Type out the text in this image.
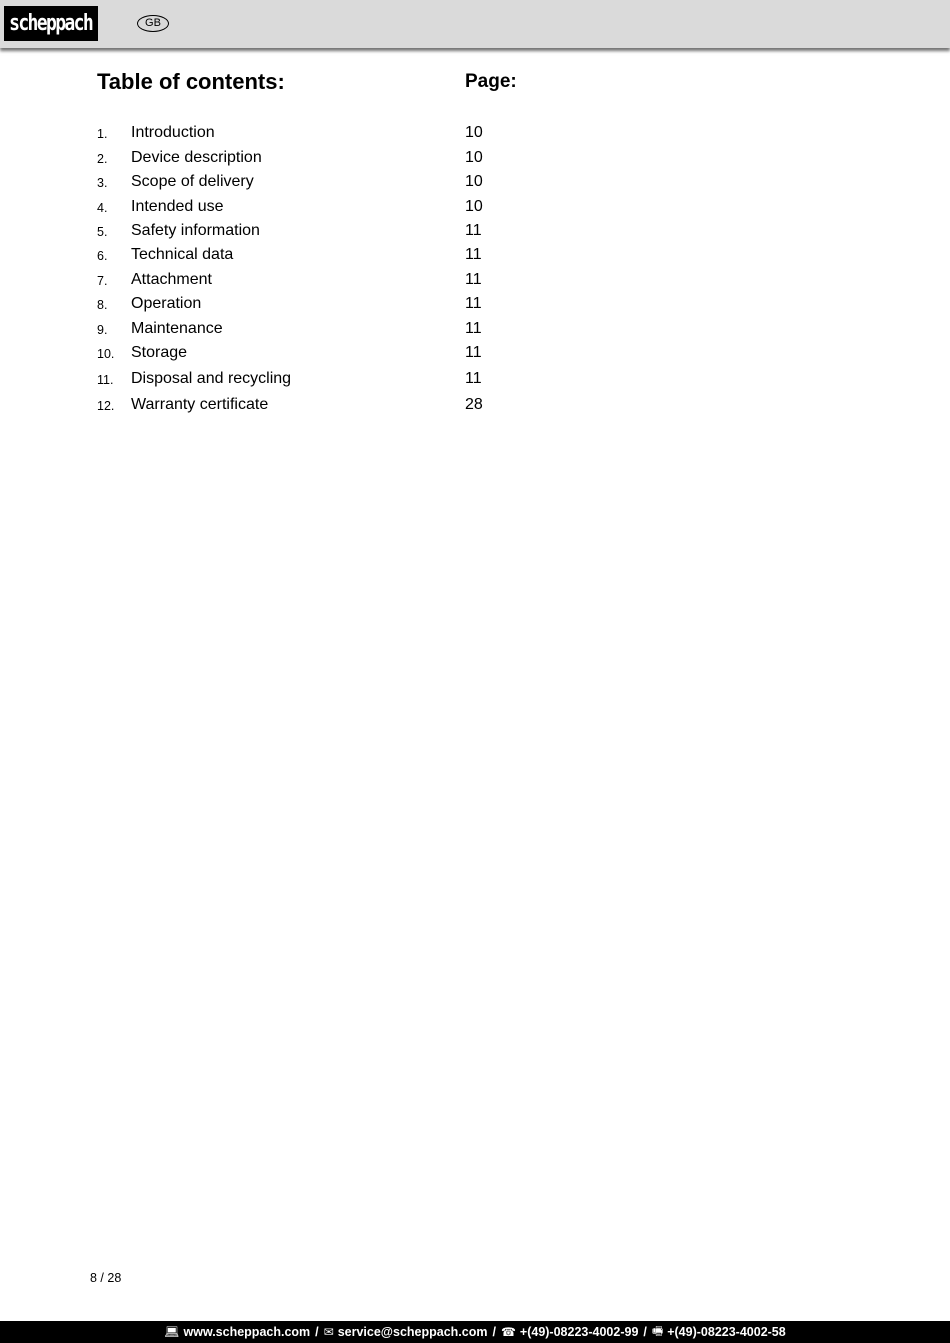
scheppach	GB
Table of contents:	Page:
1. Introduction	10
2. Device description	10
3. Scope of delivery	10
4. Intended use	10
5. Safety information	11
6. Technical data	11
7. Attachment	11
8. Operation	11
9. Maintenance	11
10. Storage	11
11. Disposal and recycling	11
12. Warranty certificate	28
8 / 28
💻︎ www.scheppach.com / ✉︎ service@scheppach.com / ☎︎ +(49)-08223-4002-99 / 🖷︎ +(49)-08223-4002-58
